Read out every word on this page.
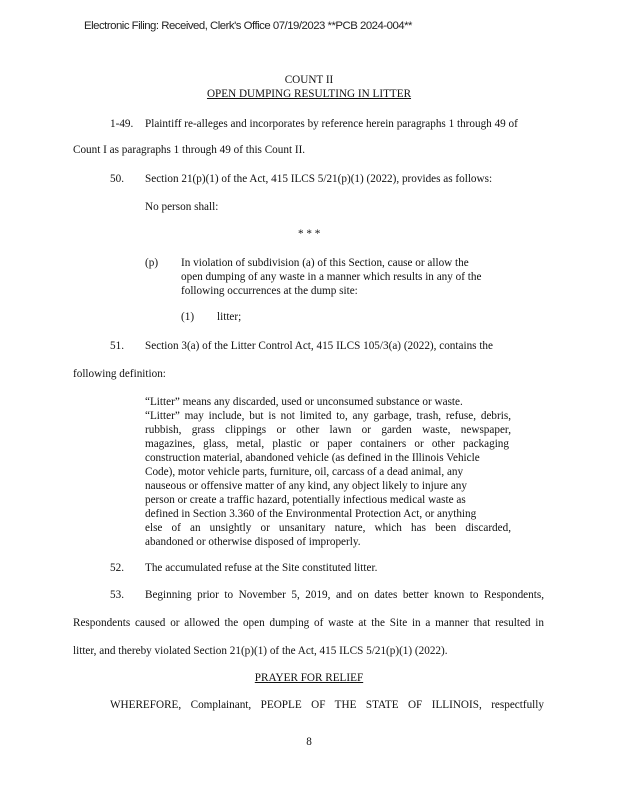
Electronic Filing: Received, Clerk's Office 07/19/2023 **PCB 2024-004**
COUNT II
OPEN DUMPING RESULTING IN LITTER
1-49. Plaintiff re-alleges and incorporates by reference herein paragraphs 1 through 49 of
Count I as paragraphs 1 through 49 of this Count II.
50. Section 21(p)(1) of the Act, 415 ILCS 5/21(p)(1) (2022), provides as follows:
No person shall:
* * *
(p) In violation of subdivision (a) of this Section, cause or allow the
open dumping of any waste in a manner which results in any of the
following occurrences at the dump site:
(1) litter;
51. Section 3(a) of the Litter Control Act, 415 ILCS 105/3(a) (2022), contains the
following definition:
“Litter” means any discarded, used or unconsumed substance or waste.
“Litter” may include, but is not limited to, any garbage, trash, refuse, debris,
rubbish, grass clippings or other lawn or garden waste, newspaper,
magazines, glass, metal, plastic or paper containers or other packaging
construction material, abandoned vehicle (as defined in the Illinois Vehicle
Code), motor vehicle parts, furniture, oil, carcass of a dead animal, any
nauseous or offensive matter of any kind, any object likely to injure any
person or create a traffic hazard, potentially infectious medical waste as
defined in Section 3.360 of the Environmental Protection Act, or anything
else of an unsightly or unsanitary nature, which has been discarded,
abandoned or otherwise disposed of improperly.
52. The accumulated refuse at the Site constituted litter.
53. Beginning prior to November 5, 2019, and on dates better known to Respondents,
Respondents caused or allowed the open dumping of waste at the Site in a manner that resulted in
litter, and thereby violated Section 21(p)(1) of the Act, 415 ILCS 5/21(p)(1) (2022).
PRAYER FOR RELIEF
WHEREFORE, Complainant, PEOPLE OF THE STATE OF ILLINOIS, respectfully
8
